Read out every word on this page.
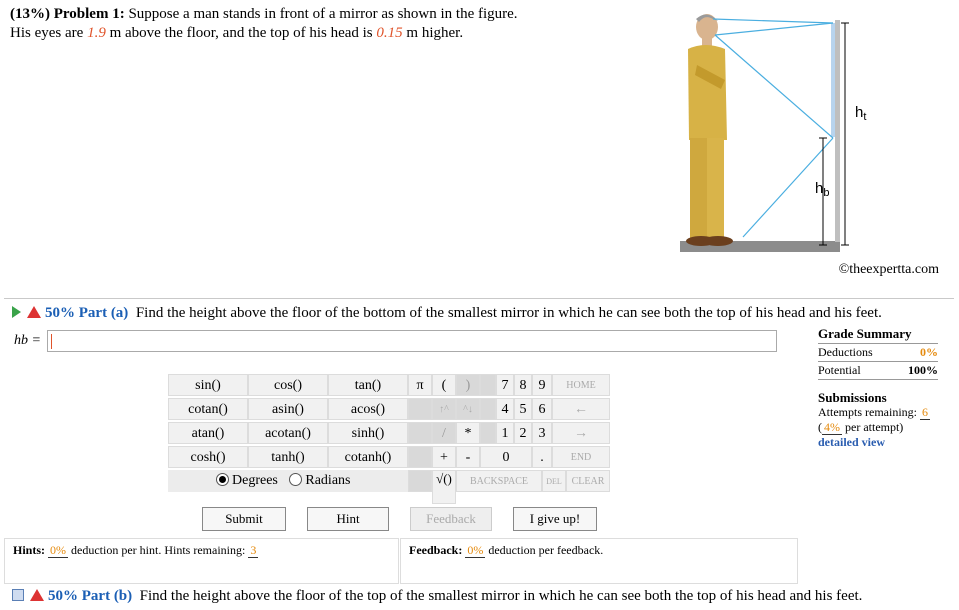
(13%) Problem 1: Suppose a man stands in front of a mirror as shown in the figure.
His eyes are 1.9 m above the floor, and the top of his head is 0.15 m higher.
$h_t$
$h_b$
©theexpertta.com
50% Part (a) Find the height above the floor of the bottom of the smallest mirror in which he can see both the top of his head and his feet.
hb =	Grade Summary
Deductions	0%
Potential	100%
Submissions
Attempts remaining: 6
( 4% per attempt)
detailed view
sin()	cos()	tan()
cotan()	asin()	acos()
atan()	acotan()	sinh()
cosh()	tanh()	cotanh()
Degrees Radians
π	(	)
↑^	^↓
/	*
+	-
√()
7 8 9
4 5 6
1 2 3
0	.
HOME
←
→
END
BACKSPACE	DEL CLEAR
Submit	Hint	Feedback	I give up!
Hints: 0% deduction per hint. Hints remaining: 3	Feedback: 0% deduction per feedback.
50% Part (b) Find the height above the floor of the top of the smallest mirror in which he can see both the top of his head and his feet.
